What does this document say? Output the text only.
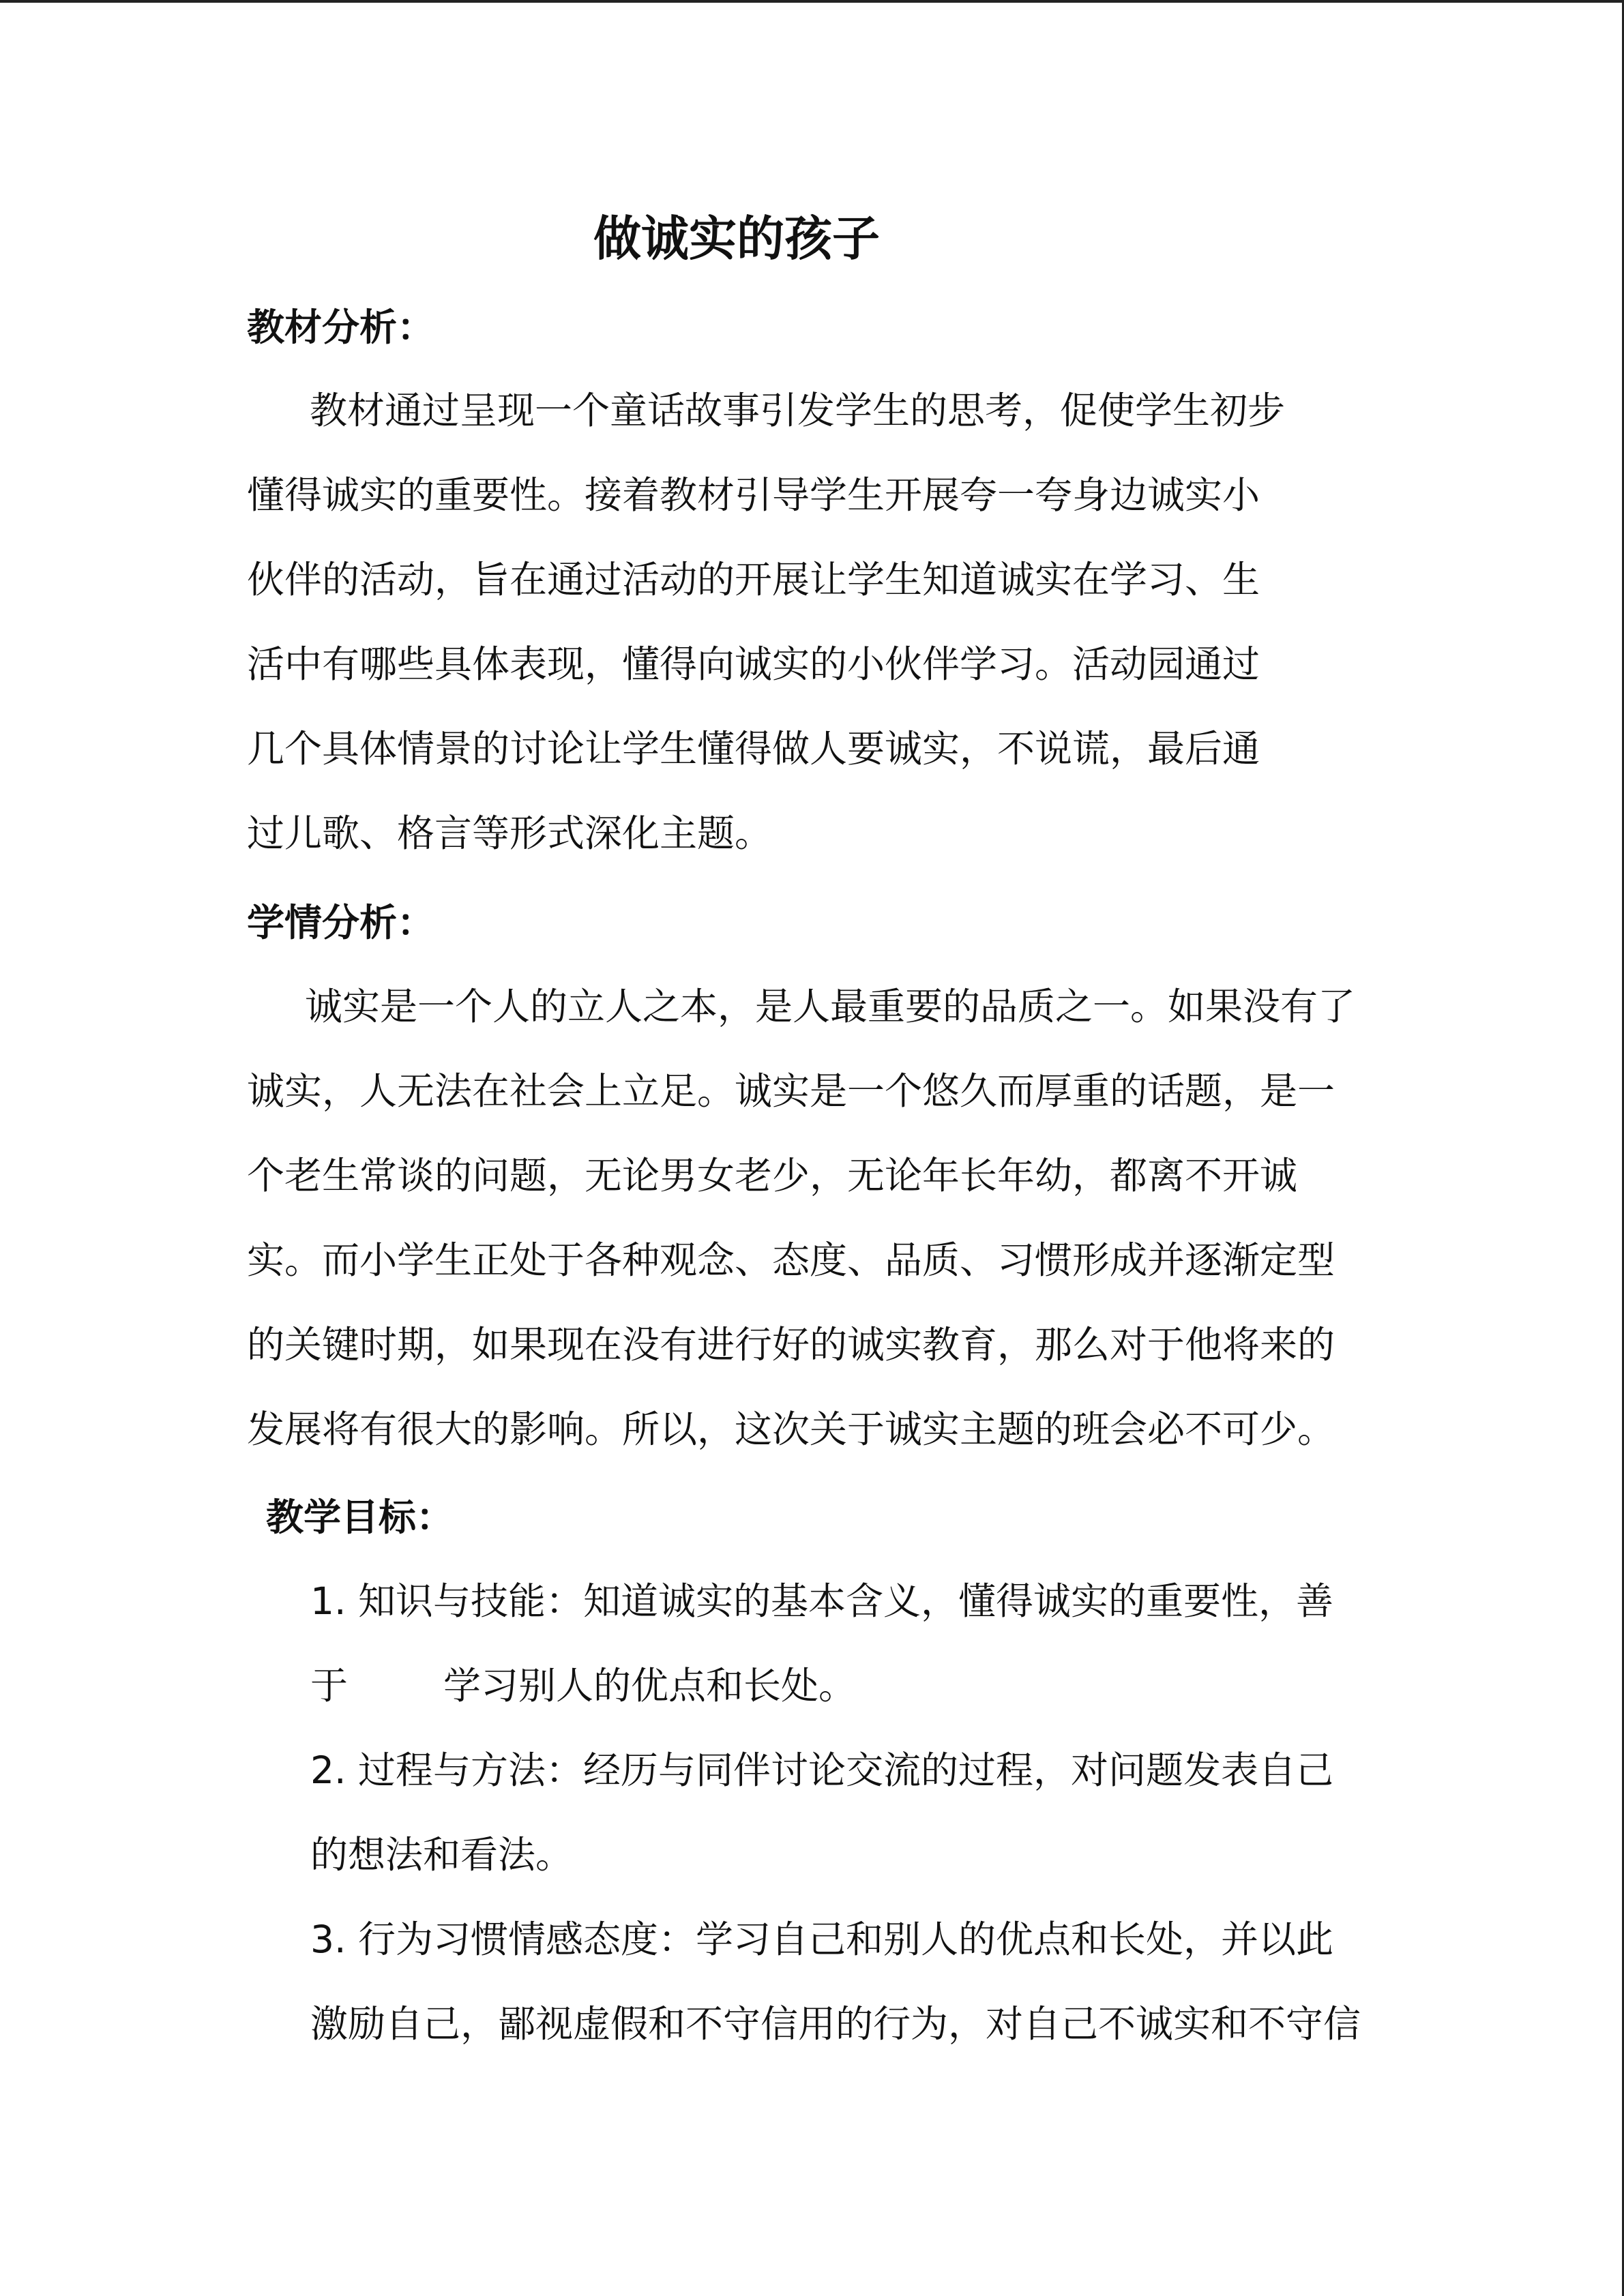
做诚实的孩子
教材分析：
教材通过呈现一个童话故事引发学生的思考，促使学生初步
懂得诚实的重要性。接着教材引导学生开展夸一夸身边诚实小
伙伴的活动，旨在通过活动的开展让学生知道诚实在学习、生
活中有哪些具体表现，懂得向诚实的小伙伴学习。活动园通过
几个具体情景的讨论让学生懂得做人要诚实，不说谎，最后通
过儿歌、格言等形式深化主题。
学情分析：
诚实是一个人的立人之本，是人最重要的品质之一。如果没有了
诚实，人无法在社会上立足。诚实是一个悠久而厚重的话题，是一
个老生常谈的问题，无论男女老少，无论年长年幼，都离不开诚
实。而小学生正处于各种观念、态度、品质、习惯形成并逐渐定型
的关键时期，如果现在没有进行好的诚实教育，那么对于他将来的
发展将有很大的影响。所以，这次关于诚实主题的班会必不可少。
教学目标：
1. 知识与技能：知道诚实的基本含义，懂得诚实的重要性，善
于	学习别人的优点和长处。
2. 过程与方法：经历与同伴讨论交流的过程，对问题发表自己
的想法和看法。
3. 行为习惯情感态度：学习自己和别人的优点和长处，并以此
激励自己，鄙视虚假和不守信用的行为，对自己不诚实和不守信
